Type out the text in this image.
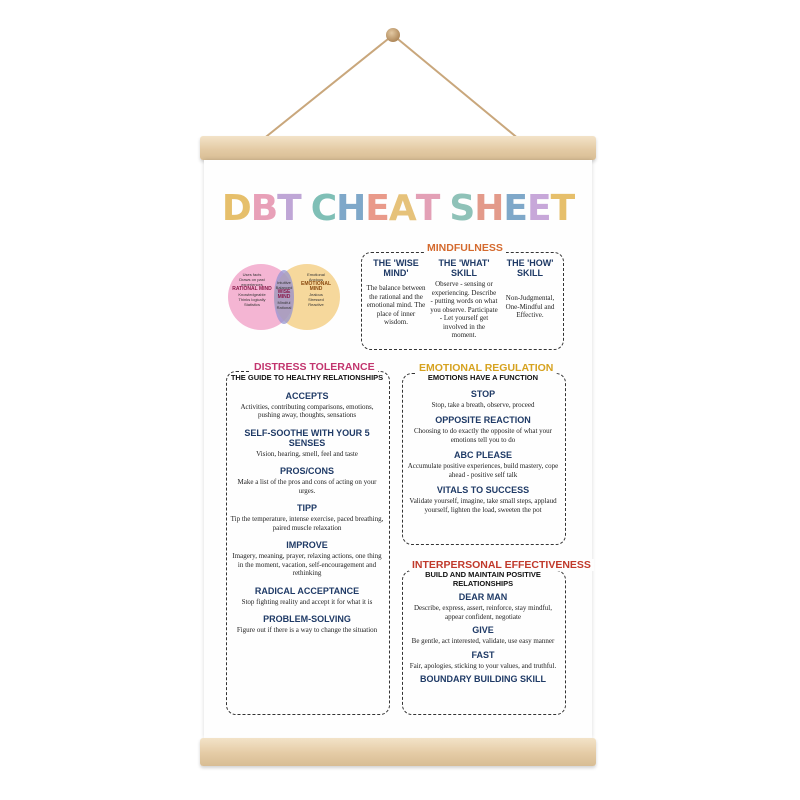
DBT CHEAT SHEET
Uses facts
Draws on past experiences
RATIONAL MIND
Knowledgeable
Thinks logically
Statistics
Intuitive
Balanced
WISE MIND
Mindful
Rational
Emotional
Anxious
EMOTIONAL MIND
Jealous
Stressed
Reactive
MINDFULNESS
THE 'WISE MIND'
The balance between the rational and the emotional mind. The place of inner wisdom.
THE 'WHAT' SKILL
Observe - sensing or experiencing. Describe - putting words on what you observe. Participate - Let yourself get involved in the moment.
THE 'HOW' SKILL
Non-Judgmental, One-Mindful and Effective.
DISTRESS TOLERANCE
THE GUIDE TO HEALTHY RELATIONSHIPS
ACCEPTS
Activities, contributing comparisons, emotions, pushing away, thoughts, sensations
SELF-SOOTHE WITH YOUR 5 SENSES
Vision, hearing, smell, feel and taste
PROS/CONS
Make a list of the pros and cons of acting on your urges.
TIPP
Tip the temperature, intense exercise, paced breathing, paired muscle relaxation
IMPROVE
Imagery, meaning, prayer, relaxing actions, one thing in the moment, vacation, self-encouragement and rethinking
RADICAL ACCEPTANCE
Stop fighting reality and accept it for what it is
PROBLEM-SOLVING
Figure out if there is a way to change the situation
EMOTIONAL REGULATION
EMOTIONS HAVE A FUNCTION
STOP
Stop, take a breath, observe, proceed
OPPOSITE REACTION
Choosing to do exactly the opposite of what your emotions tell you to do
ABC PLEASE
Accumulate positive experiences, build mastery, cope ahead - positive self talk
VITALS TO SUCCESS
Validate yourself, imagine, take small steps, applaud yourself, lighten the load, sweeten the pot
INTERPERSONAL EFFECTIVENESS
BUILD AND MAINTAIN POSITIVE RELATIONSHIPS
DEAR MAN
Describe, express, assert, reinforce, stay mindful, appear confident, negotiate
GIVE
Be gentle, act interested, validate, use easy manner
FAST
Fair, apologies, sticking to your values, and truthful.
BOUNDARY BUILDING SKILL
